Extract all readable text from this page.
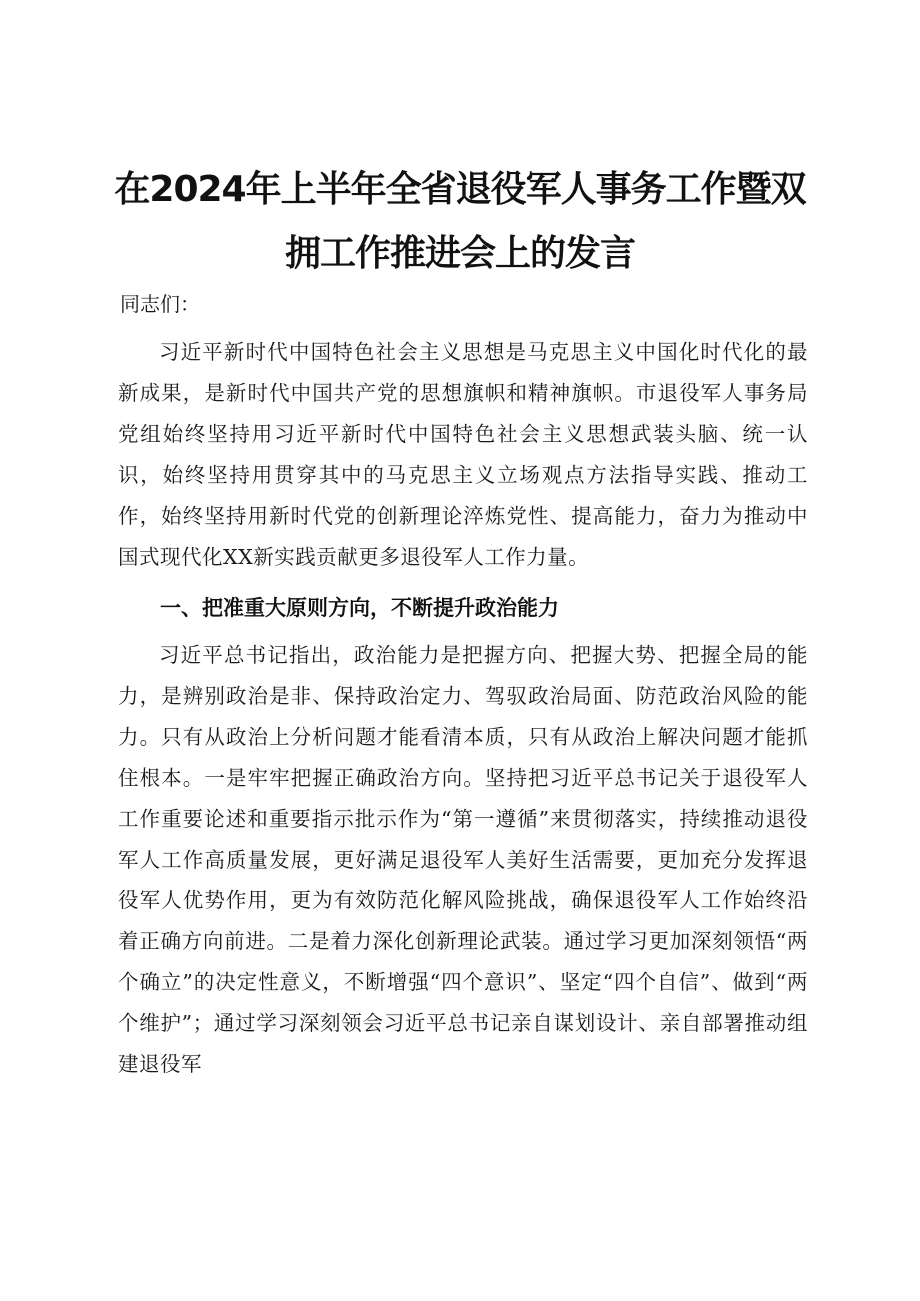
在2024年上半年全省退役军人事务工作暨双
拥工作推进会上的发言
同志们：

习近平新时代中国特色社会主义思想是马克思主义中国化时代化的最新成果，是新时代中国共产党的思想旗帜和精神旗帜。市退役军人事务局党组始终坚持用习近平新时代中国特色社会主义思想武装头脑、统一认识，始终坚持用贯穿其中的马克思主义立场观点方法指导实践、推动工作，始终坚持用新时代党的创新理论淬炼党性、提高能力，奋力为推动中国式现代化XX新实践贡献更多退役军人工作力量。

一、把准重大原则方向，不断提升政治能力

习近平总书记指出，政治能力是把握方向、把握大势、把握全局的能力，是辨别政治是非、保持政治定力、驾驭政治局面、防范政治风险的能力。只有从政治上分析问题才能看清本质，只有从政治上解决问题才能抓住根本。一是牢牢把握正确政治方向。坚持把习近平总书记关于退役军人工作重要论述和重要指示批示作为“第一遵循”来贯彻落实，持续推动退役军人工作高质量发展，更好满足退役军人美好生活需要，更加充分发挥退役军人优势作用，更为有效防范化解风险挑战，确保退役军人工作始终沿着正确方向前进。二是着力深化创新理论武装。通过学习更加深刻领悟“两个确立”的决定性意义，不断增强“四个意识”、坚定“四个自信”、做到“两个维护”；通过学习深刻领会习近平总书记亲自谋划设计、亲自部署推动组建退役军
